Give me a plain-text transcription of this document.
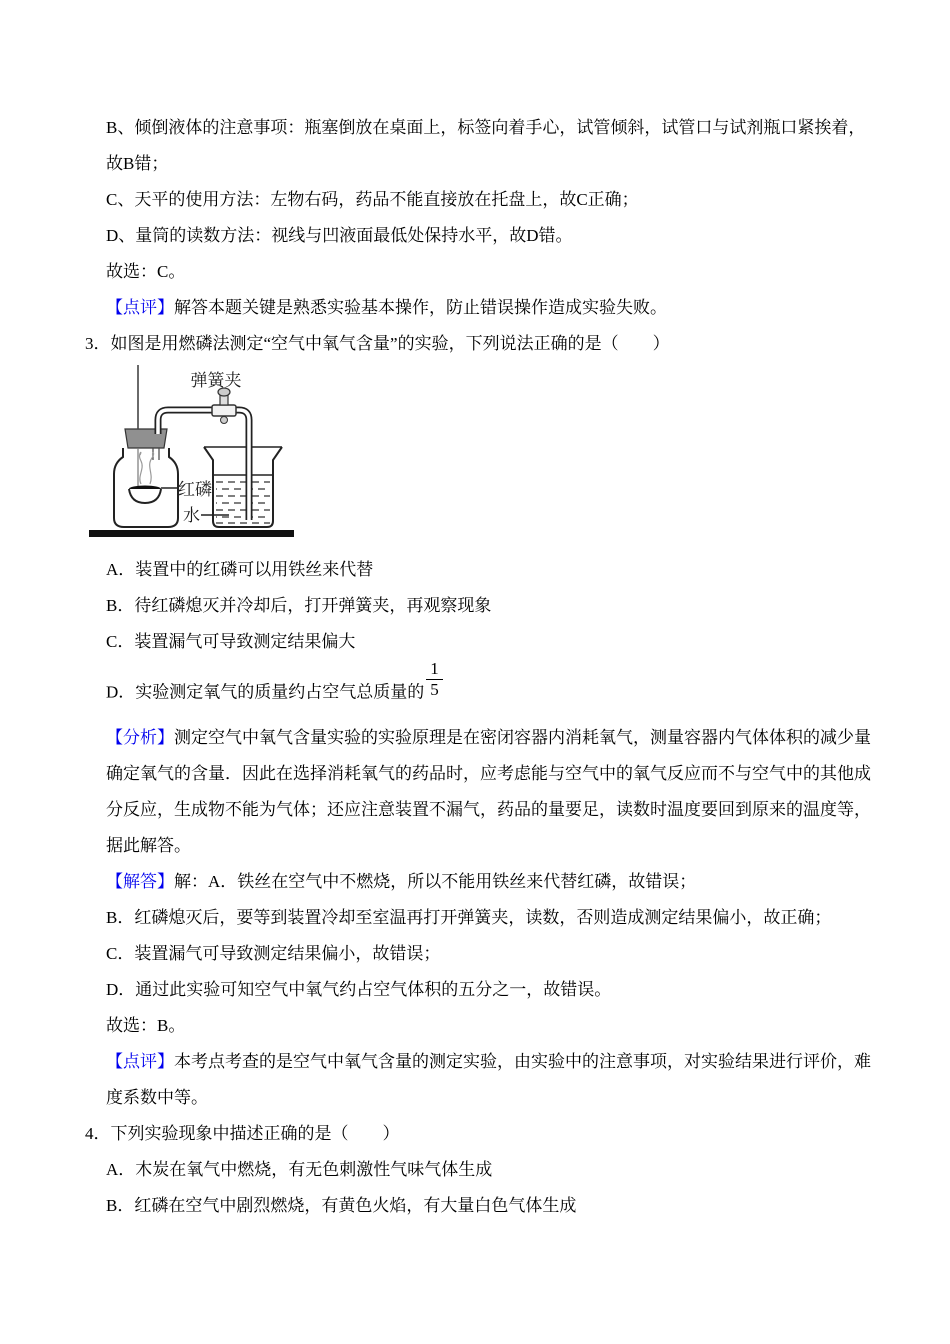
B、倾倒液体的注意事项：瓶塞倒放在桌面上，标签向着手心，试管倾斜，试管口与试剂瓶口紧挨着，
故B错；
C、天平的使用方法：左物右码，药品不能直接放在托盘上，故C正确；
D、量筒的读数方法：视线与凹液面最低处保持水平，故D错。
故选：C。
【点评】解答本题关键是熟悉实验基本操作，防止错误操作造成实验失败。
3．如图是用燃磷法测定“空气中氧气含量”的实验，下列说法正确的是（　　）
弹簧夹
红磷
水
A．装置中的红磷可以用铁丝来代替
B．待红磷熄灭并冷却后，打开弹簧夹，再观察现象
C．装置漏气可导致测定结果偏大
D．实验测定氧气的质量约占空气总质量的 $\frac{1}{5}$
【分析】测定空气中氧气含量实验的实验原理是在密闭容器内消耗氧气，测量容器内气体体积的减少量
确定氧气的含量．因此在选择消耗氧气的药品时，应考虑能与空气中的氧气反应而不与空气中的其他成
分反应，生成物不能为气体；还应注意装置不漏气，药品的量要足，读数时温度要回到原来的温度等，
据此解答。
【解答】解：A．铁丝在空气中不燃烧，所以不能用铁丝来代替红磷，故错误；
B．红磷熄灭后，要等到装置冷却至室温再打开弹簧夹，读数，否则造成测定结果偏小，故正确；
C．装置漏气可导致测定结果偏小，故错误；
D．通过此实验可知空气中氧气约占空气体积的五分之一，故错误。
故选：B。
【点评】本考点考查的是空气中氧气含量的测定实验，由实验中的注意事项，对实验结果进行评价，难
度系数中等。
4．下列实验现象中描述正确的是（　　）
A．木炭在氧气中燃烧，有无色刺激性气味气体生成
B．红磷在空气中剧烈燃烧，有黄色火焰，有大量白色气体生成
